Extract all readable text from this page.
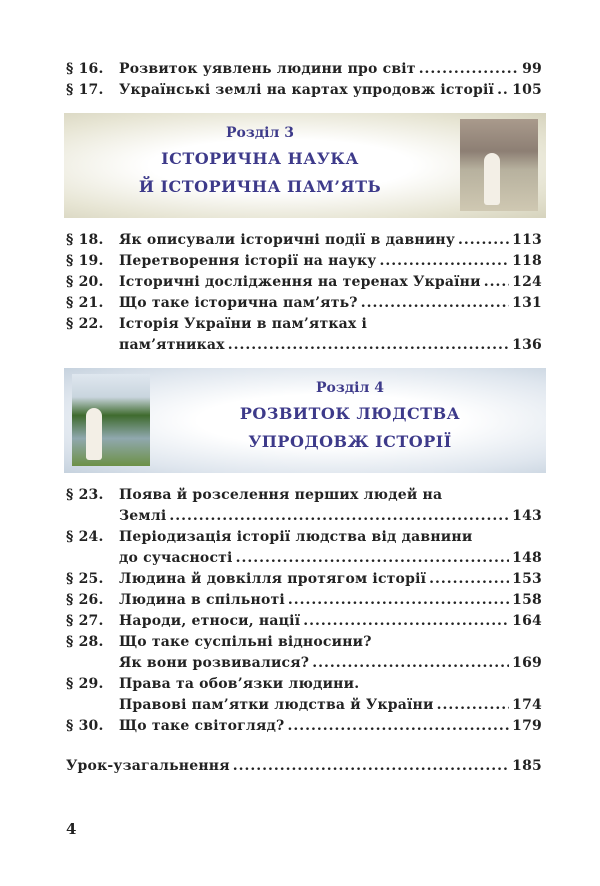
§ 16.	Розвиток уявлень людини про світ .....	99
§ 17.	Українські землі на картах упродовж історії ..... 105
Розділ 3
ІСТОРИЧНА НАУКА
Й ІСТОРИЧНА ПАМ’ЯТЬ
§ 18.	Як описували історичні події в давнину .....	113
§ 19.	Перетворення історії на науку .....	118
§ 20.	Історичні дослідження на теренах України ..... 124
§ 21.	Що таке історична пам’ять? .....	131
§ 22.	Історія України в пам’ятках і
пам’ятниках .....	136
Розділ 4
РОЗВИТОК ЛЮДСТВА
УПРОДОВЖ ІСТОРІЇ
§ 23.	Поява й розселення перших людей на
Землі .....	143
§ 24.	Періодизація історії людства від давнини
до сучасності .....	148
§ 25.	Людина й довкілля протягом історії .....	153
§ 26.	Людина в спільноті .....	158
§ 27.	Народи, етноси, нації .....	164
§ 28.	Що таке суспільні відносини?
Як вони розвивалися? .....	169
§ 29.	Права та обов’язки людини.
Правові пам’ятки людства й України .....	174
§ 30.	Що таке світогляд? .....	179
Урок-узагальнення .....	185
4
